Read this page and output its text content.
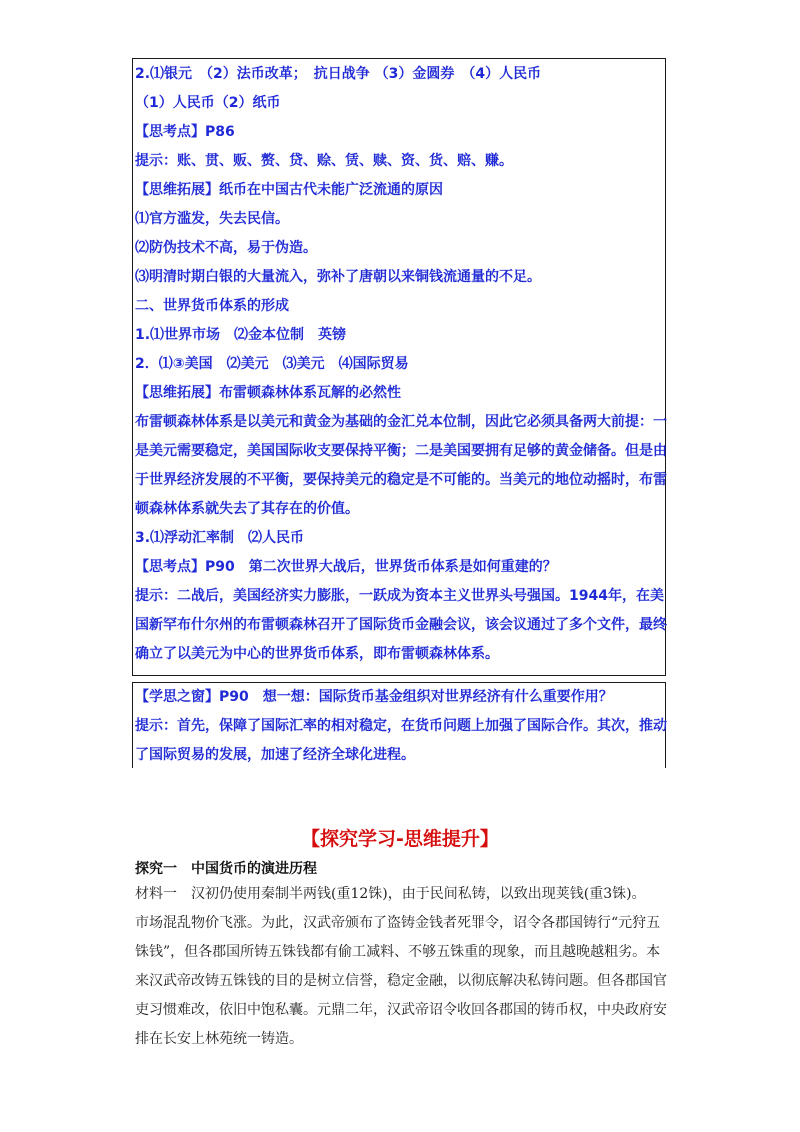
2.⑴银元　（2）法币改革；　抗日战争 （3）金圆券　（4）人民币
（1）人民币（2）纸币
【思考点】P86
提示：账、贯、贩、赘、贷、赊、赁、赎、资、货、赔、赚。
【思维拓展】纸币在中国古代未能广泛流通的原因
⑴官方滥发，失去民信。
⑵防伪技术不高，易于伪造。
⑶明清时期白银的大量流入，弥补了唐朝以来铜钱流通量的不足。
二、世界货币体系的形成
1.⑴世界市场　⑵金本位制　英镑
2．⑴③美国　⑵美元　⑶美元　⑷国际贸易
【思维拓展】布雷顿森林体系瓦解的必然性
布雷顿森林体系是以美元和黄金为基础的金汇兑本位制，因此它必须具备两大前提：一
是美元需要稳定，美国国际收支要保持平衡；二是美国要拥有足够的黄金储备。但是由
于世界经济发展的不平衡，要保持美元的稳定是不可能的。当美元的地位动摇时，布雷
顿森林体系就失去了其存在的价值。
3.⑴浮动汇率制　⑵人民币
【思考点】P90　第二次世界大战后，世界货币体系是如何重建的？
提示：二战后，美国经济实力膨胀，一跃成为资本主义世界头号强国。1944年，在美
国新罕布什尔州的布雷顿森林召开了国际货币金融会议，该会议通过了多个文件，最终
确立了以美元为中心的世界货币体系，即布雷顿森林体系。
【学思之窗】P90　想一想：国际货币基金组织对世界经济有什么重要作用？
提示：首先，保障了国际汇率的相对稳定，在货币问题上加强了国际合作。其次，推动
了国际贸易的发展，加速了经济全球化进程。
【探究学习-思维提升】
探究一　中国货币的演进历程
材料一　汉初仍使用秦制半两钱(重12铢)，由于民间私铸，以致出现荚钱(重3铢)。
市场混乱物价飞涨。为此，汉武帝颁布了盗铸金钱者死罪令，诏令各郡国铸行“元狩五
铢钱”，但各郡国所铸五铢钱都有偷工减料、不够五铢重的现象，而且越晚越粗劣。本
来汉武帝改铸五铢钱的目的是树立信誉，稳定金融，以彻底解决私铸问题。但各郡国官
吏习惯难改，依旧中饱私囊。元鼎二年，汉武帝诏令收回各郡国的铸币权，中央政府安
排在长安上林苑统一铸造。
